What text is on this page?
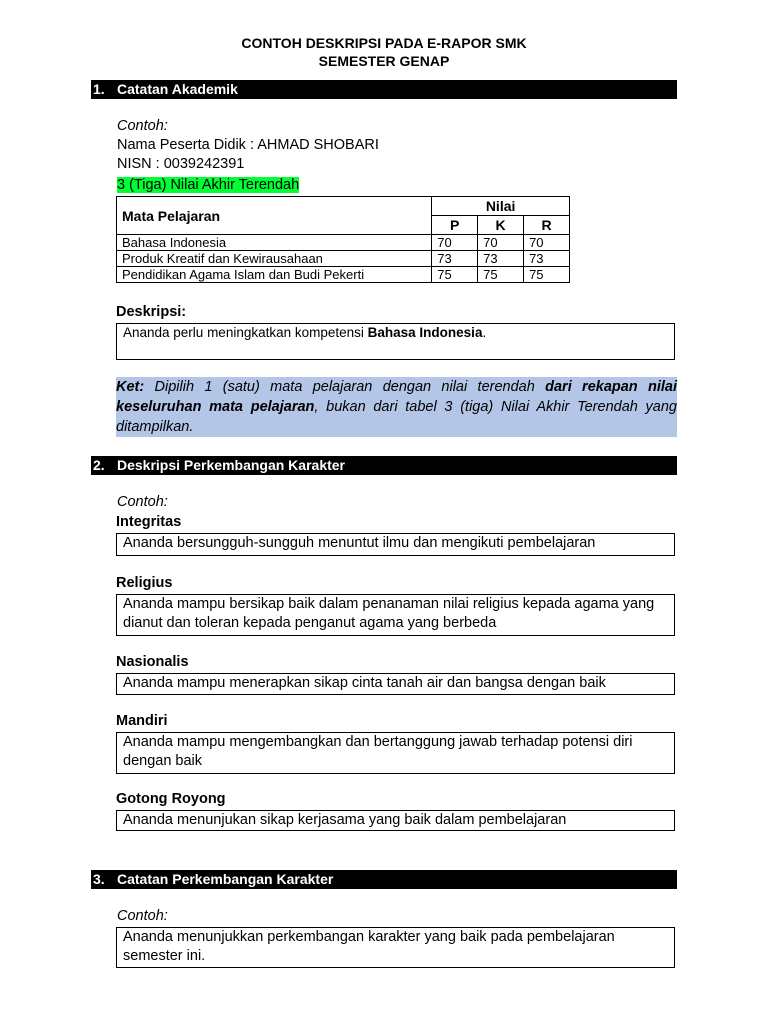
CONTOH DESKRIPSI PADA E-RAPOR SMK
SEMESTER GENAP
1. Catatan Akademik
Contoh:
Nama Peserta Didik : AHMAD SHOBARI
NISN : 0039242391
3 (Tiga) Nilai Akhir Terendah
Mata Pelajaran	Nilai		
	P	K	R
Bahasa Indonesia	70	70	70
Produk Kreatif dan Kewirausahaan	73	73	73
Pendidikan Agama Islam dan Budi Pekerti	75	75	75
Deskripsi:
Ananda perlu meningkatkan kompetensi Bahasa Indonesia.
Ket: Dipilih 1 (satu) mata pelajaran dengan nilai terendah dari rekapan nilai keseluruhan mata pelajaran, bukan dari tabel 3 (tiga) Nilai Akhir Terendah yang ditampilkan.
2. Deskripsi Perkembangan Karakter
Contoh:
Integritas
Ananda bersungguh-sungguh menuntut ilmu dan mengikuti pembelajaran
Religius
Ananda mampu bersikap baik dalam penanaman nilai religius kepada agama yang dianut dan toleran kepada penganut agama yang berbeda
Nasionalis
Ananda mampu menerapkan sikap cinta tanah air dan bangsa dengan baik
Mandiri
Ananda mampu mengembangkan dan bertanggung jawab terhadap potensi diri dengan baik
Gotong Royong
Ananda menunjukan sikap kerjasama yang baik dalam pembelajaran
3. Catatan Perkembangan Karakter
Contoh:
Ananda menunjukkan perkembangan karakter yang baik pada pembelajaran semester ini.
